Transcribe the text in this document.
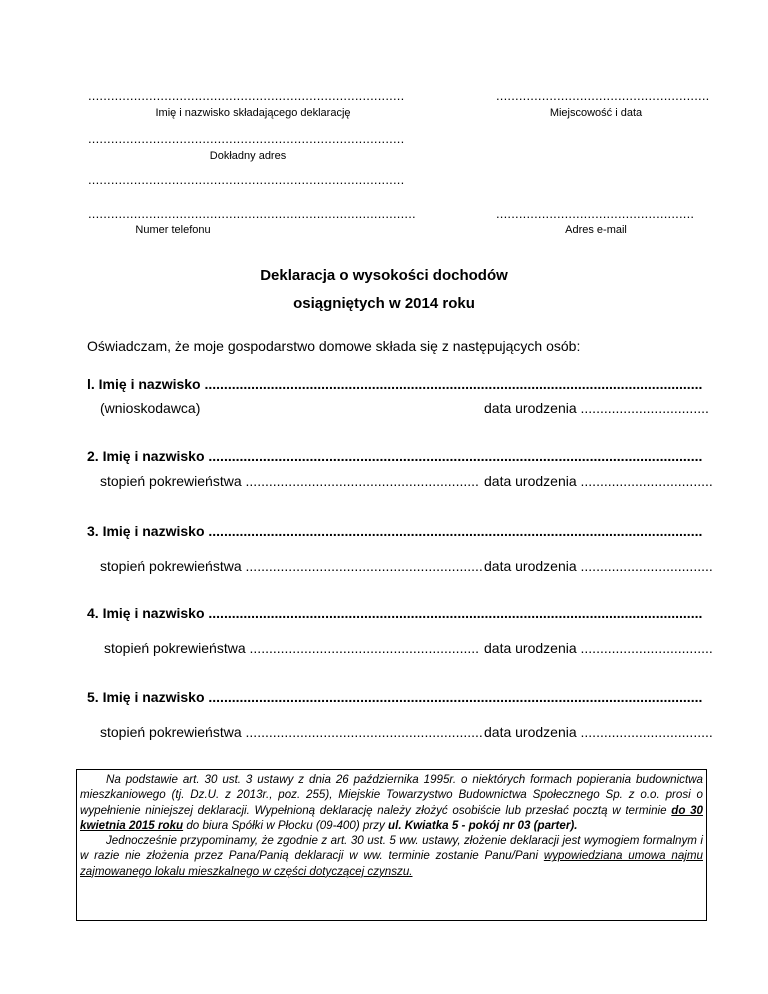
...................................................................................
Imię i nazwisko składającego deklarację
........................................................
Miejscowość i data
...................................................................................
Dokładny adres
...................................................................................
......................................................................................
Numer telefonu
....................................................
Adres e-mail
Deklaracja o wysokości dochodów
osiągniętych w 2014 roku
Oświadczam, że moje gospodarstwo domowe składa się z następujących osób:
l. Imię i nazwisko ................................................................................................................................
(wnioskodawca)	data urodzenia .................................
2. Imię i nazwisko ...............................................................................................................................
stopień pokrewieństwa ............................................................ data urodzenia ..................................
3. Imię i nazwisko ...............................................................................................................................
stopień pokrewieństwa ............................................................. data urodzenia ..................................
4. Imię i nazwisko ...............................................................................................................................
stopień pokrewieństwa ........................................................... data urodzenia ..................................
5. Imię i nazwisko ...............................................................................................................................
stopień pokrewieństwa ............................................................. data urodzenia ..................................

Na podstawie art. 30 ust. 3 ustawy z dnia 26 października 1995r. o niektórych formach popierania budownictwa mieszkaniowego (tj. Dz.U. z 2013r., poz. 255), Miejskie Towarzystwo Budownictwa Społecznego Sp. z o.o. prosi o wypełnienie niniejszej deklaracji. Wypełnioną deklarację należy złożyć osobiście lub przesłać pocztą w terminie do 30 kwietnia 2015 roku do biura Spółki w Płocku (09-400) przy ul. Kwiatka 5 - pokój nr 03 (parter).

Jednocześnie przypominamy, że zgodnie z art. 30 ust. 5 ww. ustawy, złożenie deklaracji jest wymogiem formalnym i w razie nie złożenia przez Pana/Panią deklaracji w ww. terminie zostanie Panu/Pani wypowiedziana umowa najmu zajmowanego lokalu mieszkalnego w części dotyczącej czynszu.
